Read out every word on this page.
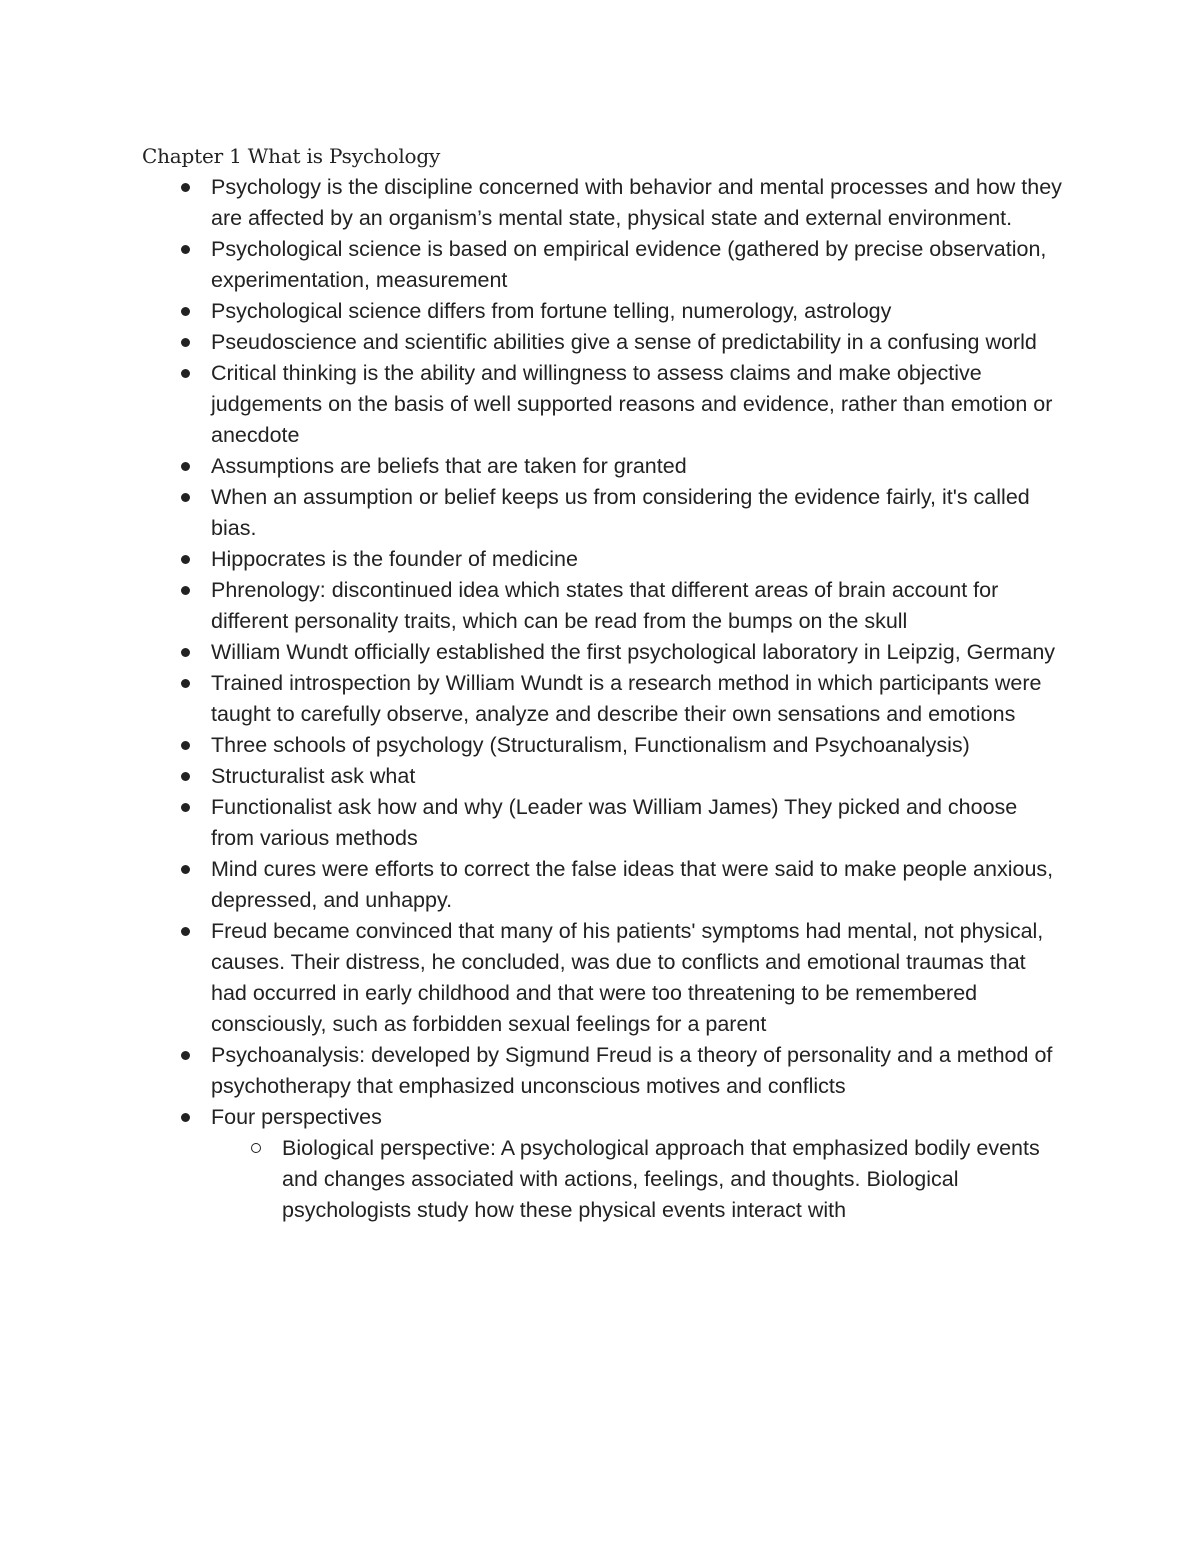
Chapter 1 What is Psychology
Psychology is the discipline concerned with behavior and mental processes and how they are affected by an organism’s mental state, physical state and external environment.
Psychological science is based on empirical evidence (gathered by precise observation, experimentation, measurement
Psychological science differs from fortune telling, numerology, astrology
Pseudoscience and scientific abilities give a sense of predictability in a confusing world
Critical thinking is the ability and willingness to assess claims and make objective judgements on the basis of well supported reasons and evidence, rather than emotion or anecdote
Assumptions are beliefs that are taken for granted
When an assumption or belief keeps us from considering the evidence fairly, it's called bias.
Hippocrates is the founder of medicine
Phrenology: discontinued idea which states that different areas of brain account for different personality traits, which can be read from the bumps on the skull
William Wundt officially established the first psychological laboratory in Leipzig, Germany
Trained introspection by William Wundt is a research method in which participants were taught to carefully observe, analyze and describe their own sensations and emotions
Three schools of psychology (Structuralism, Functionalism and Psychoanalysis)
Structuralist ask what
Functionalist ask how and why (Leader was William James) They picked and choose from various methods
Mind cures were efforts to correct the false ideas that were said to make people anxious, depressed, and unhappy.
Freud became convinced that many of his patients' symptoms had mental, not physical, causes. Their distress, he concluded, was due to conflicts and emotional traumas that had occurred in early childhood and that were too threatening to be remembered consciously, such as forbidden sexual feelings for a parent
Psychoanalysis: developed by Sigmund Freud is a theory of personality and a method of psychotherapy that emphasized unconscious motives and conflicts
Four perspectives
Biological perspective: A psychological approach that emphasized bodily events and changes associated with actions, feelings, and thoughts. Biological psychologists study how these physical events interact with
